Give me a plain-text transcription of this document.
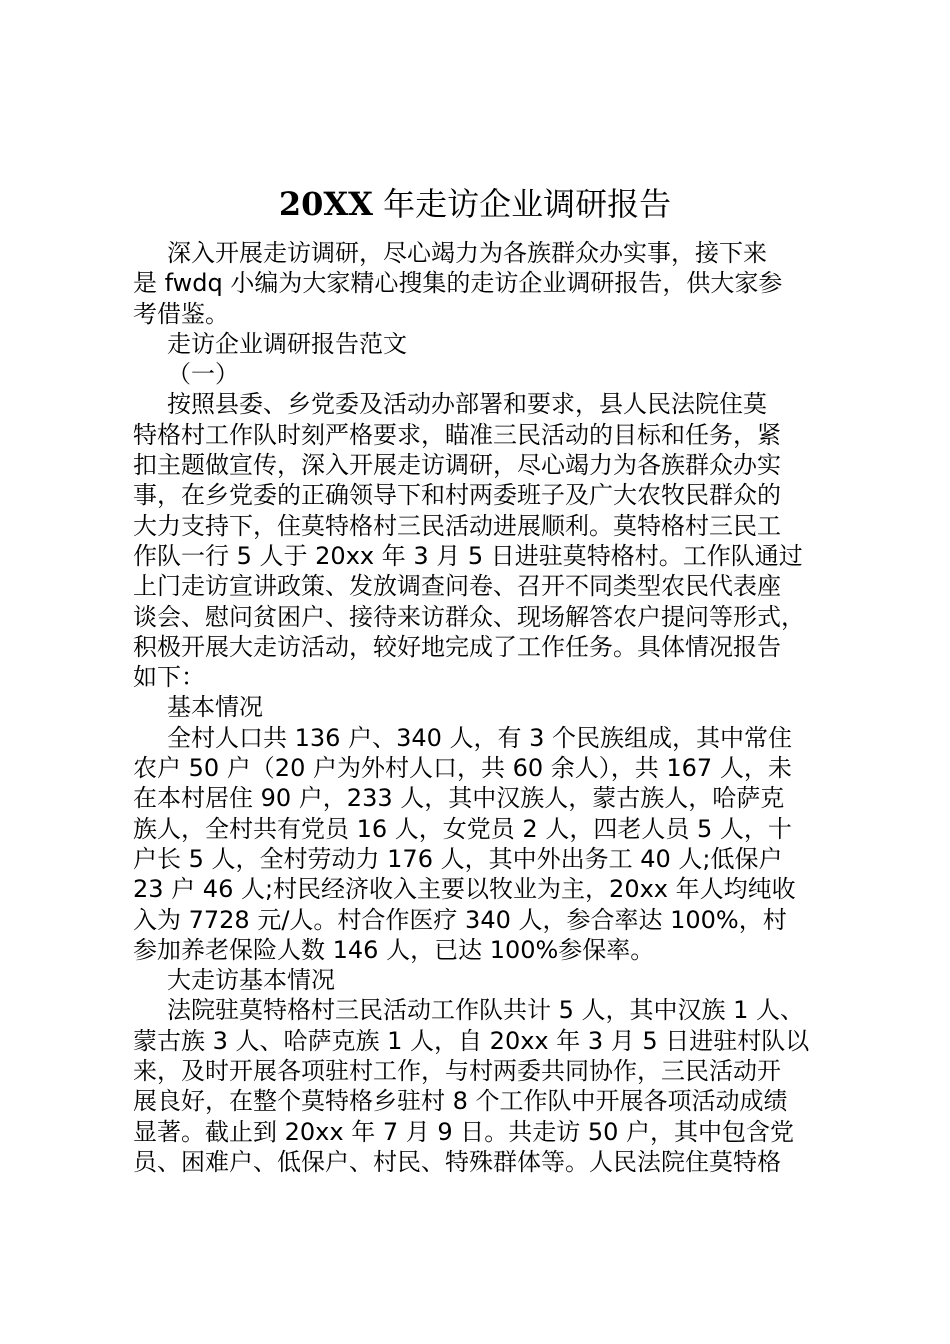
20XX 年走访企业调研报告
深入开展走访调研，尽心竭力为各族群众办实事，接下来
是 fwdq 小编为大家精心搜集的走访企业调研报告，供大家参
考借鉴。
走访企业调研报告范文
（一）
按照县委、乡党委及活动办部署和要求，县人民法院住莫
特格村工作队时刻严格要求，瞄准三民活动的目标和任务，紧
扣主题做宣传，深入开展走访调研，尽心竭力为各族群众办实
事，在乡党委的正确领导下和村两委班子及广大农牧民群众的
大力支持下，住莫特格村三民活动进展顺利。莫特格村三民工
作队一行 5 人于 20xx 年 3 月 5 日进驻莫特格村。工作队通过
上门走访宣讲政策、发放调查问卷、召开不同类型农民代表座
谈会、慰问贫困户、接待来访群众、现场解答农户提问等形式，
积极开展大走访活动，较好地完成了工作任务。具体情况报告
如下：
基本情况
全村人口共 136 户、340 人，有 3 个民族组成，其中常住
农户 50 户（20 户为外村人口，共 60 余人），共 167 人，未
在本村居住 90 户，233 人，其中汉族人，蒙古族人，哈萨克
族人，全村共有党员 16 人，女党员 2 人，四老人员 5 人，十
户长 5 人，全村劳动力 176 人，其中外出务工 40 人;低保户
23 户 46 人;村民经济收入主要以牧业为主，20xx 年人均纯收
入为 7728 元/人。村合作医疗 340 人，参合率达 100%，村
参加养老保险人数 146 人，已达 100%参保率。
大走访基本情况
法院驻莫特格村三民活动工作队共计 5 人，其中汉族 1 人、
蒙古族 3 人、哈萨克族 1 人，自 20xx 年 3 月 5 日进驻村队以
来，及时开展各项驻村工作，与村两委共同协作，三民活动开
展良好，在整个莫特格乡驻村 8 个工作队中开展各项活动成绩
显著。截止到 20xx 年 7 月 9 日。共走访 50 户，其中包含党
员、困难户、低保户、村民、特殊群体等。人民法院住莫特格
